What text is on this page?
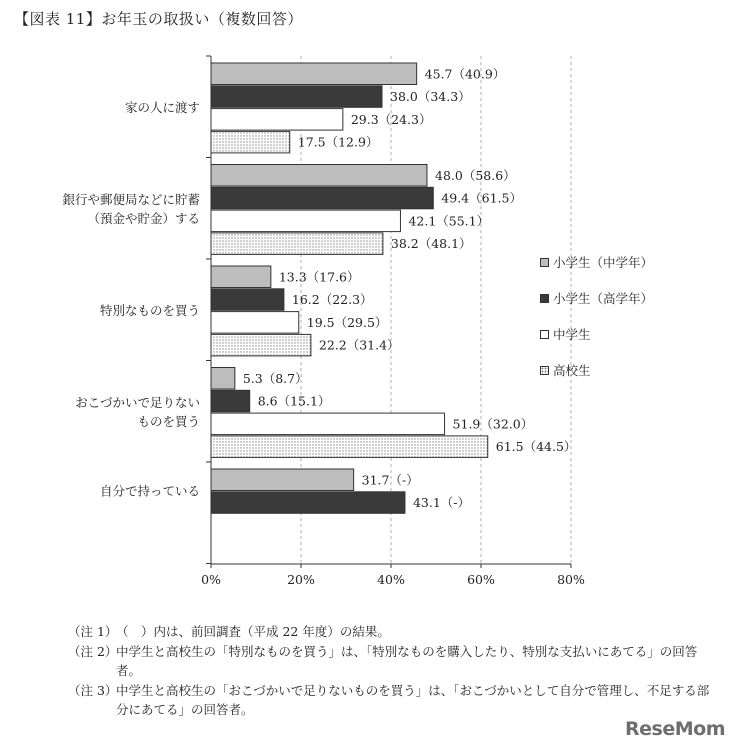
【図表 11】お年玉の取扱い（複数回答）
45.7（40.9）
38.0（34.3）
29.3（24.3）
17.5（12.9）
家の人に渡す
48.0（58.6）
49.4（61.5）
42.1（55.1）
38.2（48.1）
銀行や郵便局などに貯蓄
（預金や貯金）する
13.3（17.6）
16.2（22.3）
19.5（29.5）
22.2（31.4）
特別なものを買う
5.3（8.7）
8.6（15.1）
51.9（32.0）
61.5（44.5）
おこづかいで足りない
ものを買う
31.7（-）
43.1（-）
自分で持っている
0%	20%	40%	60%	80%
小学生（中学年）
小学生（高学年）
中学生
高校生
（注 1）
（　）内は、前回調査（平成 22 年度）の結果。
（注 2）
中学生と高校生の「特別なものを買う」は、「特別なものを購入したり、特別な支払いにあてる」の回答者。
（注 3）
中学生と高校生の「おこづかいで足りないものを買う」は、「おこづかいとして自分で管理し、不足する部分にあてる」の回答者。
ReseMom
